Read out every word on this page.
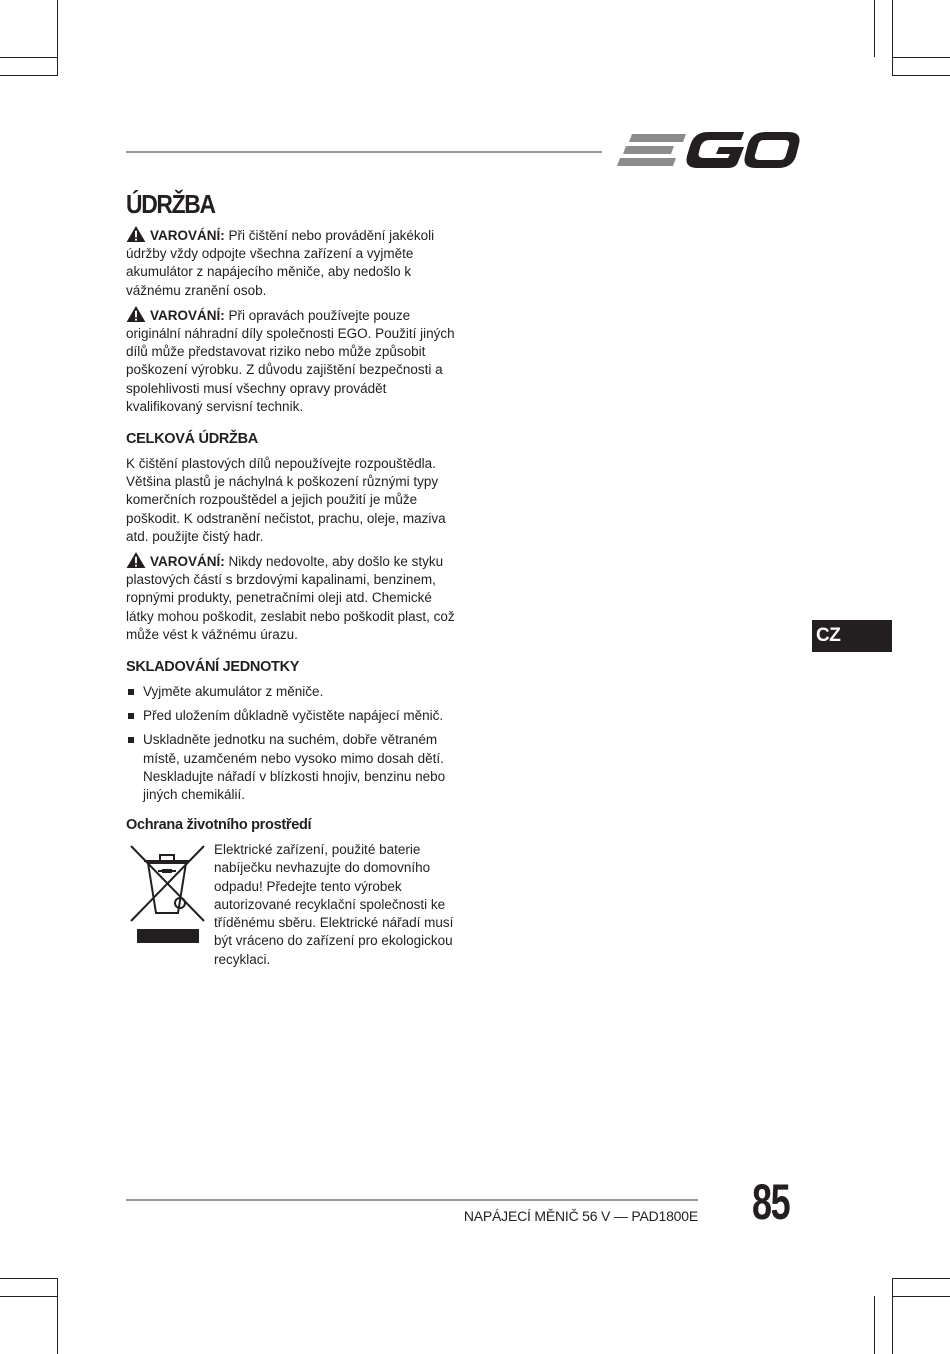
ÚDRŽBA

VAROVÁNÍ: Při čištění nebo provádění jakékoli údržby vždy odpojte všechna zařízení a vyjměte akumulátor z napájecího měniče, aby nedošlo k vážnému zranění osob.

VAROVÁNÍ: Při opravách používejte pouze originální náhradní díly společnosti EGO. Použití jiných dílů může představovat riziko nebo může způsobit poškození výrobku. Z důvodu zajištění bezpečnosti a spolehlivosti musí všechny opravy provádět kvalifikovaný servisní technik.

CELKOVÁ ÚDRŽBA

K čištění plastových dílů nepoužívejte rozpouštědla. Většina plastů je náchylná k poškození různými typy komerčních rozpouštědel a jejich použití je může poškodit. K odstranění nečistot, prachu, oleje, maziva atd. použijte čistý hadr.

VAROVÁNÍ: Nikdy nedovolte, aby došlo ke styku plastových částí s brzdovými kapalinami, benzinem, ropnými produkty, penetračními oleji atd. Chemické látky mohou poškodit, zeslabit nebo poškodit plast, což může vést k vážnému úrazu.

SKLADOVÁNÍ JEDNOTKY
Vyjměte akumulátor z měniče.
Před uložením důkladně vyčistěte napájecí měnič.
Uskladněte jednotku na suchém, dobře větraném místě, uzamčeném nebo vysoko mimo dosah dětí. Neskladujte nářadí v blízkosti hnojiv, benzinu nebo jiných chemikálií.
Ochrana životního prostředí

Elektrické zařízení, použité baterie nabíječku nevhazujte do domovního odpadu! Předejte tento výrobek autorizované recyklační společnosti ke tříděnému sběru. Elektrické nářadí musí být vráceno do zařízení pro ekologickou recyklaci.

CZ
NAPÁJECÍ MĚNIČ 56 V — PAD1800E 85
